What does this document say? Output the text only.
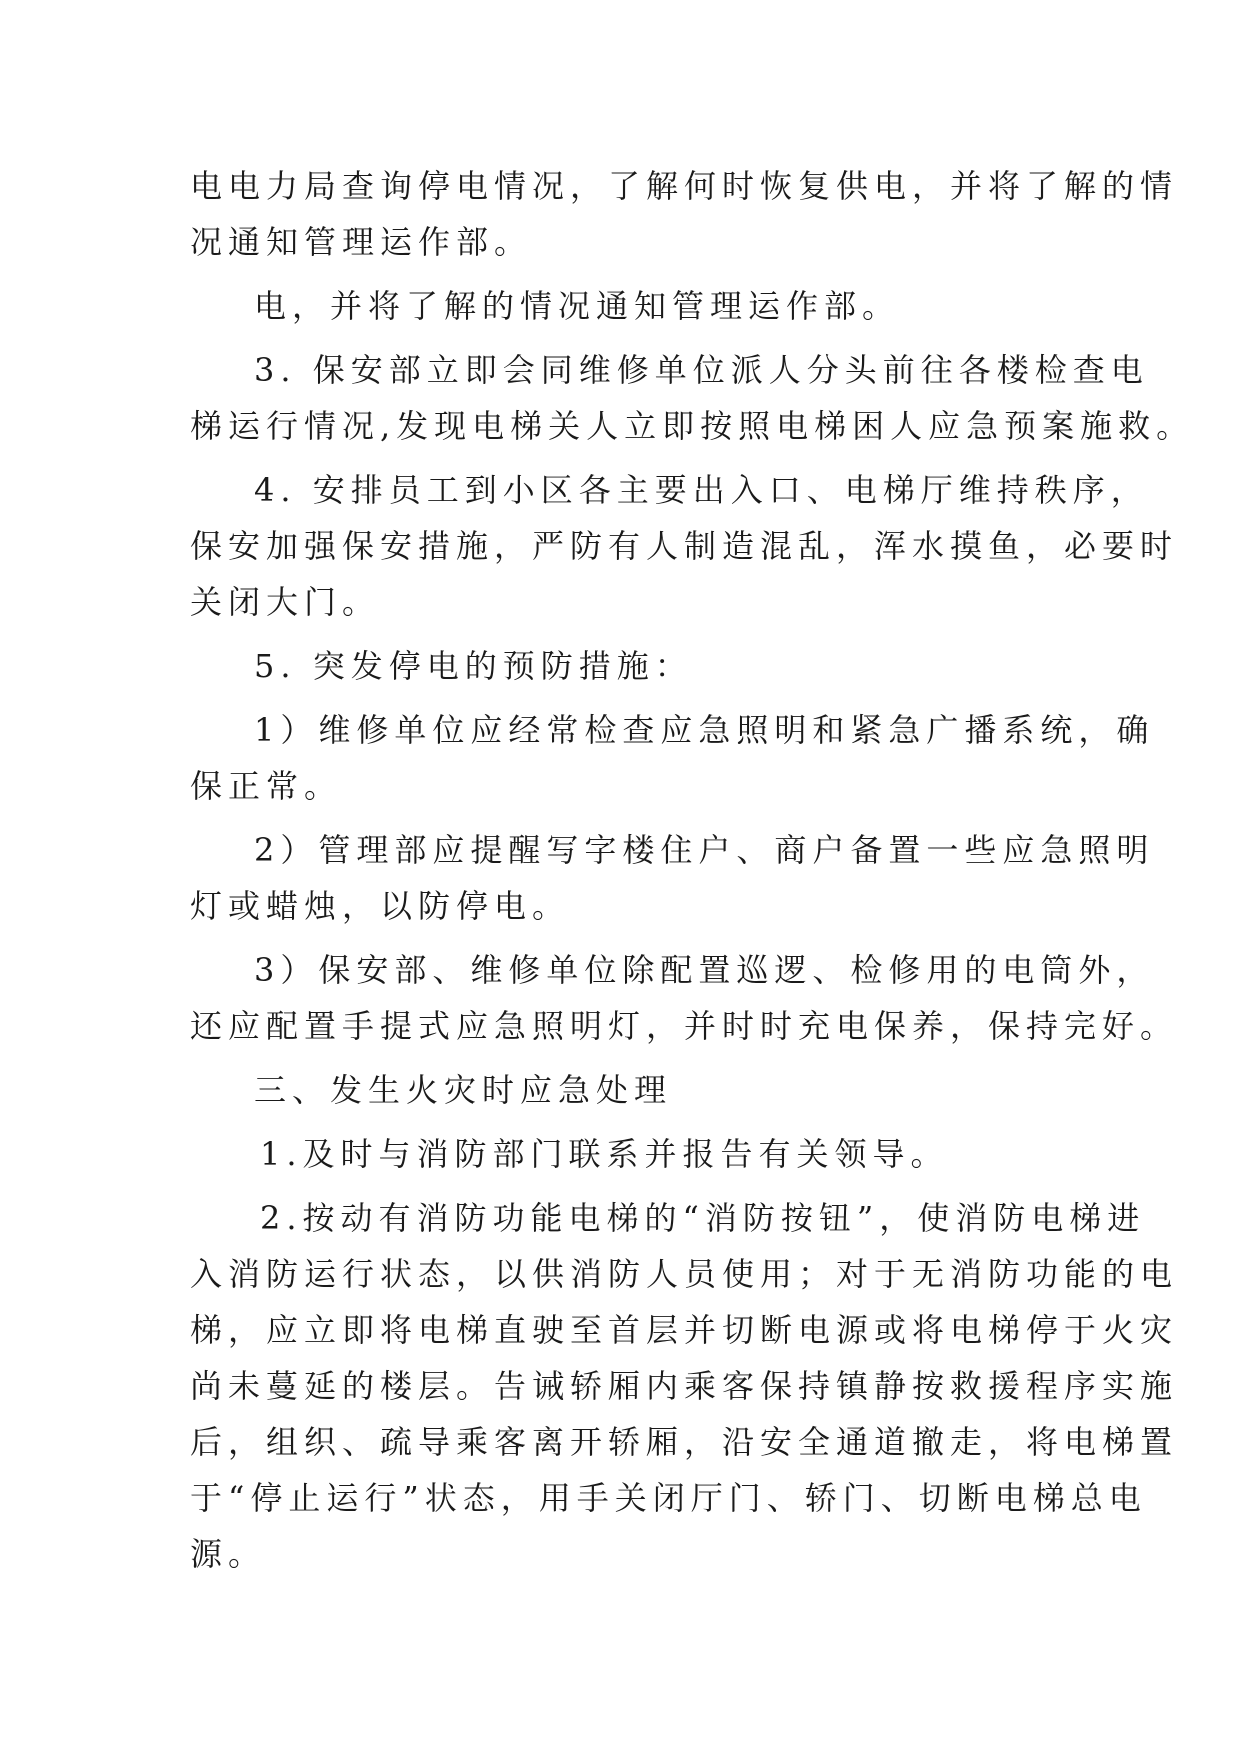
电电力局查询停电情况，了解何时恢复供电，并将了解的情
况通知管理运作部。
电，并将了解的情况通知管理运作部。
3. 保安部立即会同维修单位派人分头前往各楼检查电
梯运行情况,发现电梯关人立即按照电梯困人应急预案施救。
4. 安排员工到小区各主要出入口、电梯厅维持秩序，
保安加强保安措施，严防有人制造混乱，浑水摸鱼，必要时
关闭大门。
5. 突发停电的预防措施：
1）维修单位应经常检查应急照明和紧急广播系统，确
保正常。
2）管理部应提醒写字楼住户、商户备置一些应急照明
灯或蜡烛，以防停电。
3）保安部、维修单位除配置巡逻、检修用的电筒外，
还应配置手提式应急照明灯，并时时充电保养，保持完好。
三、发生火灾时应急处理
1.及时与消防部门联系并报告有关领导。
2.按动有消防功能电梯的“消防按钮”，使消防电梯进
入消防运行状态，以供消防人员使用；对于无消防功能的电
梯，应立即将电梯直驶至首层并切断电源或将电梯停于火灾
尚未蔓延的楼层。告诫轿厢内乘客保持镇静按救援程序实施
后，组织、疏导乘客离开轿厢，沿安全通道撤走，将电梯置
于“停止运行”状态，用手关闭厅门、轿门、切断电梯总电
源。
